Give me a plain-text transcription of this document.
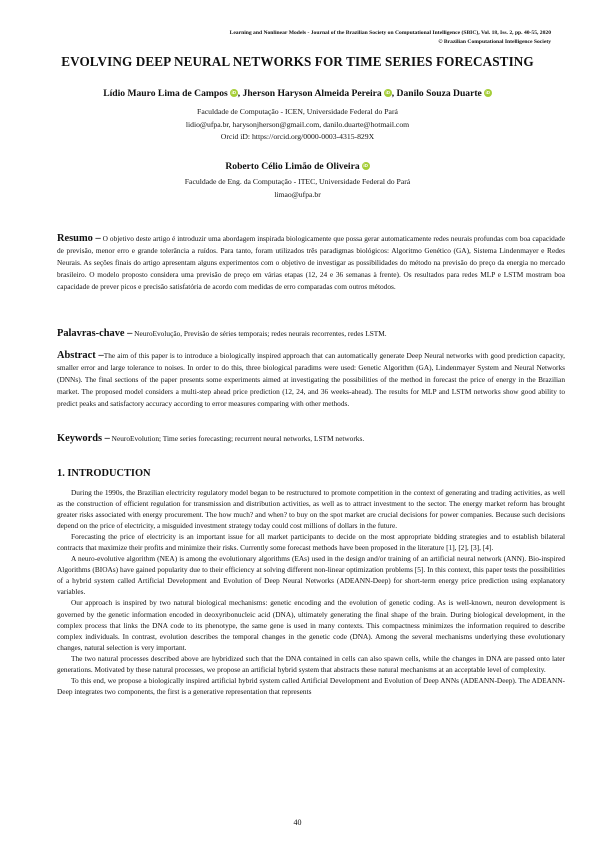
Learning and Nonlinear Models - Journal of the Brazilian Society on Computational Intelligence (SBIC), Vol. 18, Iss. 2, pp. 40-55, 2020
© Brazilian Computational Intelligence Society
EVOLVING DEEP NEURAL NETWORKS FOR TIME SERIES FORECASTING
Lídio Mauro Lima de Campos iD , Jherson Haryson Almeida Pereira iD , Danilo Souza Duarte iD
Faculdade de Computação - ICEN, Universidade Federal do Pará
lidio@ufpa.br, harysonjherson@gmail.com, danilo.duarte@hotmail.com
Orcid iD: https://orcid.org/0000-0003-4315-829X
Roberto Célio Limão de Oliveira iD
Faculdade de Eng. da Computação - ITEC, Universidade Federal do Pará
limao@ufpa.br
Resumo – O objetivo deste artigo é introduzir uma abordagem inspirada biologicamente que possa gerar automaticamente redes neurais profundas com boa capacidade de previsão, menor erro e grande tolerância a ruídos. Para tanto, foram utilizados três paradigmas biológicos: Algoritmo Genético (GA), Sistema Lindenmayer e Redes Neurais. As seções finais do artigo apresentam alguns experimentos com o objetivo de investigar as possibilidades do método na previsão do preço da energia no mercado brasileiro. O modelo proposto considera uma previsão de preço em várias etapas (12, 24 e 36 semanas à frente). Os resultados para redes MLP e LSTM mostram boa capacidade de prever picos e precisão satisfatória de acordo com medidas de erro comparadas com outros métodos.
Palavras-chave – NeuroEvolução, Previsão de séries temporais; redes neurais recorrentes, redes LSTM.
Abstract –The aim of this paper is to introduce a biologically inspired approach that can automatically generate Deep Neural networks with good prediction capacity, smaller error and large tolerance to noises. In order to do this, three biological paradims were used: Genetic Algorithm (GA), Lindenmayer System and Neural Networks (DNNs). The final sections of the paper presents some experiments aimed at investigating the possibilities of the method in forecast the price of energy in the Brazilian market. The proposed model considers a multi-step ahead price prediction (12, 24, and 36 weeks-ahead). The results for MLP and LSTM networks show good ability to predict peaks and satisfactory accuracy according to error measures comparing with other methods.
Keywords – NeuroEvolution; Time series forecasting; recurrent neural networks, LSTM networks.
1. INTRODUCTION

During the 1990s, the Brazilian electricity regulatory model began to be restructured to promote competition in the context of generating and trading activities, as well as the construction of efficient regulation for transmission and distribution activities, as well as to attract investment to the sector. The energy market reform has brought greater risks associated with energy procurement. The how much? and when? to buy on the spot market are crucial decisions for power companies. Because such decisions depend on the price of electricity, a misguided investment strategy today could cost millions of dollars in the future.

Forecasting the price of electricity is an important issue for all market participants to decide on the most appropriate bidding strategies and to establish bilateral contracts that maximize their profits and minimize their risks. Currently some forecast methods have been proposed in the literature [1], [2], [3], [4].

A neuro-evolutive algorithm (NEA) is among the evolutionary algorithms (EAs) used in the design and/or training of an artificial neural network (ANN). Bio-inspired Algorithms (BIOAs) have gained popularity due to their efficiency at solving different non-linear optimization problems [5]. In this context, this paper tests the possibilities of a hybrid system called Artificial Development and Evolution of Deep Neural Networks (ADEANN-Deep) for short-term energy price prediction using explanatory variables.

Our approach is inspired by two natural biological mechanisms: genetic encoding and the evolution of genetic coding. As is well-known, neuron development is governed by the genetic information encoded in deoxyribonucleic acid (DNA), ultimately generating the final shape of the brain. During biological development, in the complex process that links the DNA code to its phenotype, the same gene is used in many contexts. This compactness minimizes the information required to describe complex individuals. In contrast, evolution describes the temporal changes in the genetic code (DNA). Among the several mechanisms underlying these evolutionary changes, natural selection is very important.

The two natural processes described above are hybridized such that the DNA contained in cells can also spawn cells, while the changes in DNA are passed onto later generations. Motivated by these natural processes, we propose an artificial hybrid system that abstracts these natural mechanisms at an acceptable level of complexity.

To this end, we propose a biologically inspired artificial hybrid system called Artificial Development and Evolution of Deep ANNs (ADEANN-Deep). The ADEANN-Deep integrates two components, the first is a generative representation that represents

40
